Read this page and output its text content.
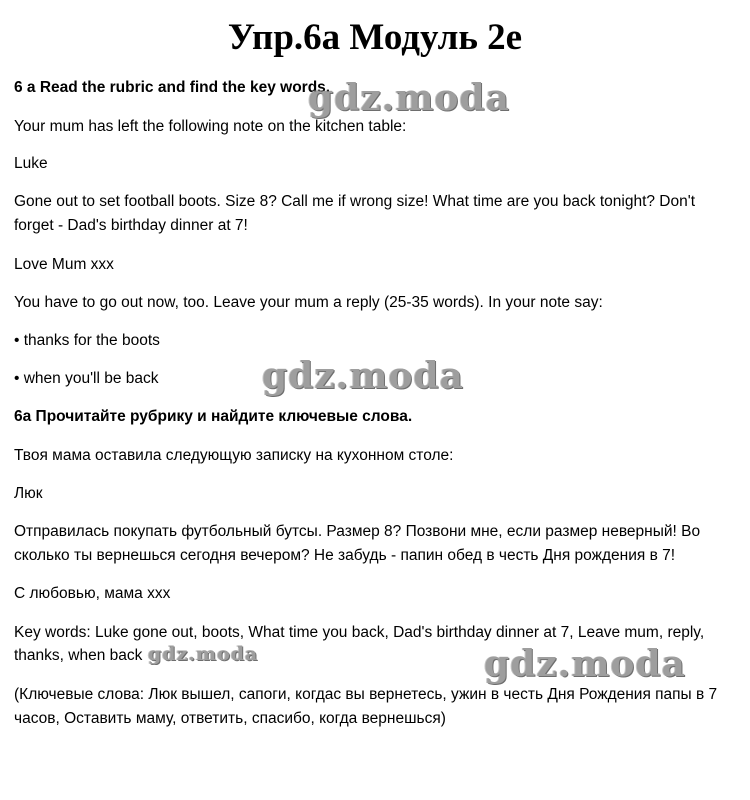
Упр.6а Модуль 2е

6 a Read the rubric and find the key words.

Your mum has left the following note on the kitchen table:

Luke

Gone out to set football boots. Size 8? Call me if wrong size! What time are you back tonight? Don't

forget - Dad's birthday dinner at 7!

Love Mum xxx

You have to go out now, too. Leave your mum a reply (25-35 words). In your note say:

• thanks for the boots

• when you'll be back

6а Прочитайте рубрику и найдите ключевые слова.

Твоя мама оставила следующую записку на кухонном столе:

Люк

Отправилась покупать футбольный бутсы. Размер 8? Позвони мне, если размер неверный! Во

сколько ты вернешься сегодня вечером? Не забудь - папин обед в честь Дня рождения в 7!

С любовью, мама xxx

Key words: Luke gone out, boots, What time you back, Dad's birthday dinner at 7, Leave mum, reply,

thanks, when back

(Ключевые слова: Люк вышел, сапоги, когдас вы вернетесь, ужин в честь Дня Рождения папы в 7

часов, Оставить маму, ответить, спасибо, когда вернешься)

gdz.moda
gdz.moda
gdz.moda	gdz.moda
